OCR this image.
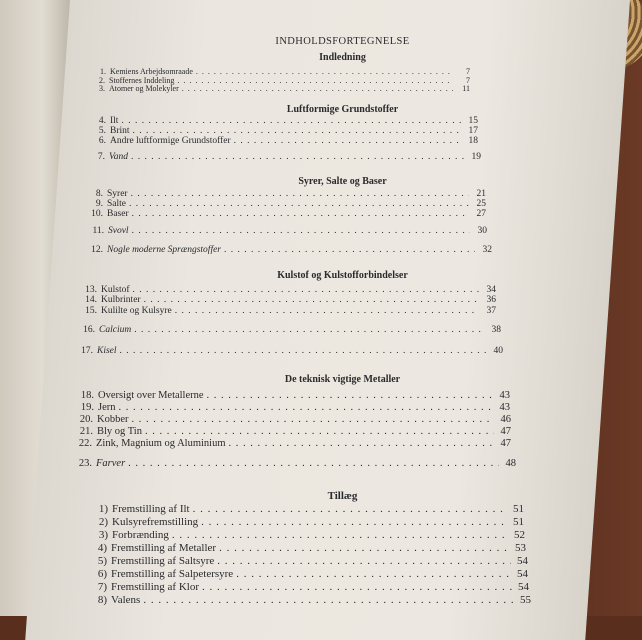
INDHOLDSFORTEGNELSE
Indledning
1. Kemiens Arbejdsomraade . . .	7
2. Stoffernes Inddeling . . .	7
3. Atomer og Molekyler . . .	11
Luftformige Grundstoffer
4. Ilt . . .	15
5. Brint . . .	17
6. Andre luftformige Grundstoffer . . .	18
7. Vand . . .	19
Syrer, Salte og Baser
8. Syrer . . .	21
9. Salte . . .	25
10. Baser . . .	27
11. Svovl . . .	30
12. Nogle moderne Sprængstoffer . . .	32
Kulstof og Kulstofforbindelser
13. Kulstof . . .	34
14. Kulbrinter . . .	36
15. Kulilte og Kulsyre . . .	37
16. Calcium . . .	38
17. Kisel . . .	40
De teknisk vigtige Metaller
18. Oversigt over Metallerne . . .	43
19. Jern . . .	43
20. Kobber . . .	46
21. Bly og Tin . . .	47
22. Zink, Magnium og Aluminium . . .	47
23. Farver . . .	48
Tillæg
1) Fremstilling af Ilt . . .	51
2) Kulsyrefremstilling . . .	51
3) Forbrænding . . .	52
4) Fremstilling af Metaller . . .	53
5) Fremstilling af Saltsyre . . .	54
6) Fremstilling af Salpetersyre . . .	54
7) Fremstilling af Klor . . .	54
8) Valens . . .	55
